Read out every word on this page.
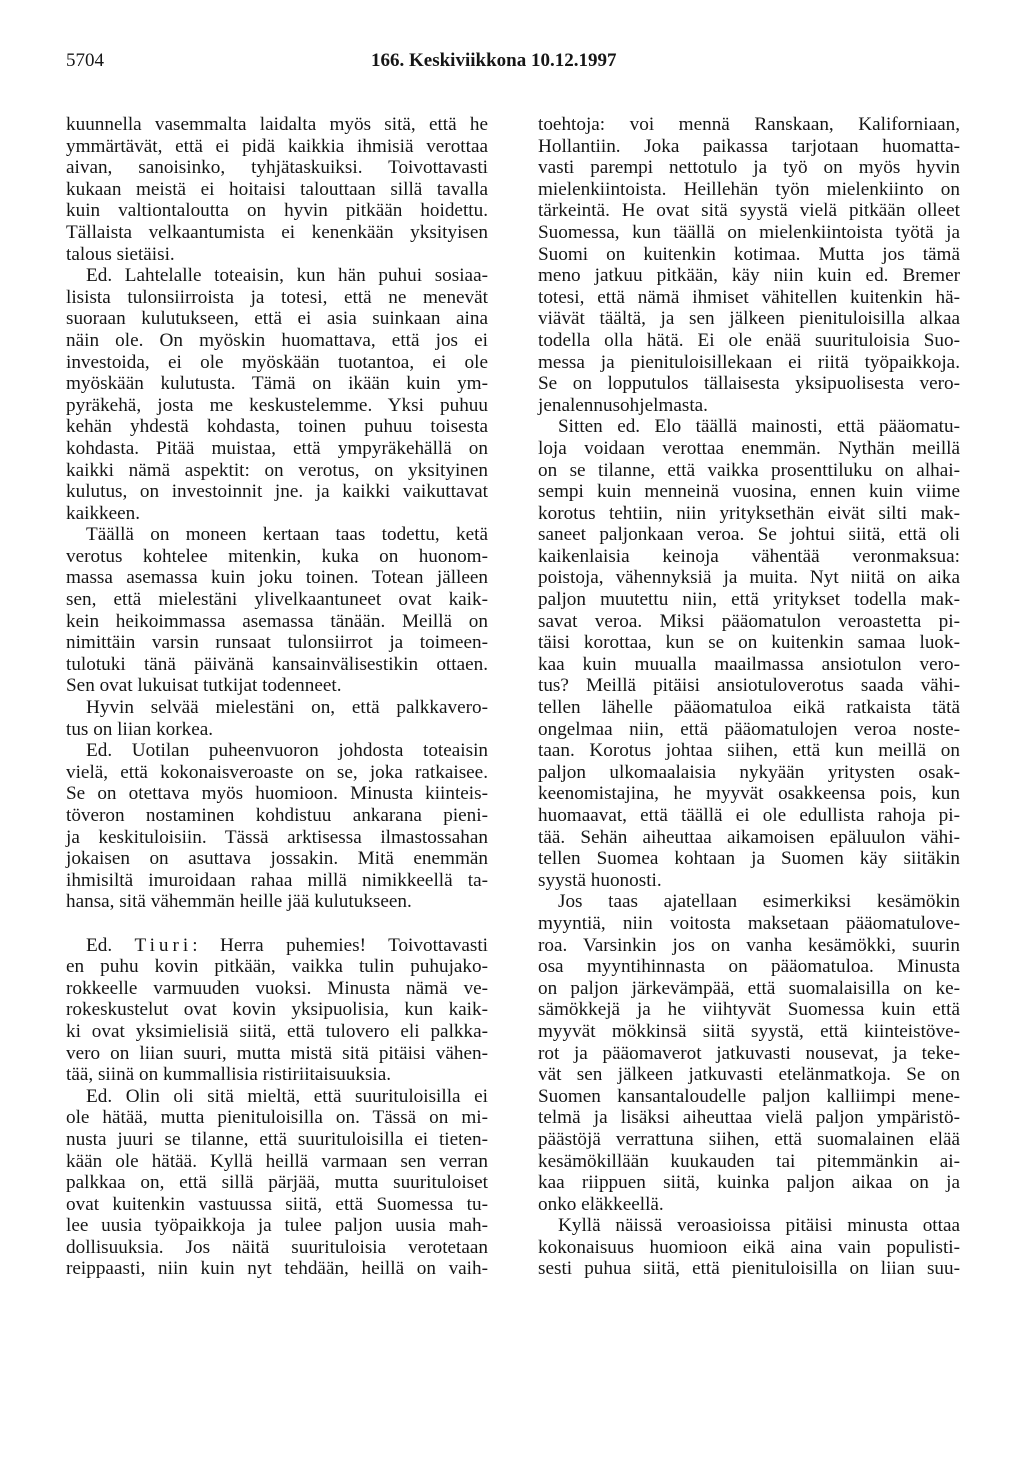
5704	166. Keskiviikkona 10.12.1997
kuunnella vasemmalta laidalta myös sitä, että he
ymmärtävät, että ei pidä kaikkia ihmisiä verottaa
aivan, sanoisinko, tyhjätaskuiksi. Toivottavasti
kukaan meistä ei hoitaisi talouttaan sillä tavalla
kuin valtiontaloutta on hyvin pitkään hoidettu.
Tällaista velkaantumista ei kenenkään yksityisen
talous sietäisi.
Ed. Lahtelalle toteaisin, kun hän puhui sosiaa-
lisista tulonsiirroista ja totesi, että ne menevät
suoraan kulutukseen, että ei asia suinkaan aina
näin ole. On myöskin huomattava, että jos ei
investoida, ei ole myöskään tuotantoa, ei ole
myöskään kulutusta. Tämä on ikään kuin ym-
pyräkehä, josta me keskustelemme. Yksi puhuu
kehän yhdestä kohdasta, toinen puhuu toisesta
kohdasta. Pitää muistaa, että ympyräkehällä on
kaikki nämä aspektit: on verotus, on yksityinen
kulutus, on investoinnit jne. ja kaikki vaikuttavat
kaikkeen.
Täällä on moneen kertaan taas todettu, ketä
verotus kohtelee mitenkin, kuka on huonom-
massa asemassa kuin joku toinen. Totean jälleen
sen, että mielestäni ylivelkaantuneet ovat kaik-
kein heikoimmassa asemassa tänään. Meillä on
nimittäin varsin runsaat tulonsiirrot ja toimeen-
tulotuki tänä päivänä kansainvälisestikin ottaen.
Sen ovat lukuisat tutkijat todenneet.
Hyvin selvää mielestäni on, että palkkavero-
tus on liian korkea.
Ed. Uotilan puheenvuoron johdosta toteaisin
vielä, että kokonaisveroaste on se, joka ratkaisee.
Se on otettava myös huomioon. Minusta kiinteis-
töveron nostaminen kohdistuu ankarana pieni-
ja keskituloisiin. Tässä arktisessa ilmastossahan
jokaisen on asuttava jossakin. Mitä enemmän
ihmisiltä imuroidaan rahaa millä nimikkeellä ta-
hansa, sitä vähemmän heille jää kulutukseen.
Ed. Tiuri: Herra puhemies! Toivottavasti
en puhu kovin pitkään, vaikka tulin puhujako-
rokkeelle varmuuden vuoksi. Minusta nämä ve-
rokeskustelut ovat kovin yksipuolisia, kun kaik-
ki ovat yksimielisiä siitä, että tulovero eli palkka-
vero on liian suuri, mutta mistä sitä pitäisi vähen-
tää, siinä on kummallisia ristiriitaisuuksia.
Ed. Olin oli sitä mieltä, että suurituloisilla ei
ole hätää, mutta pienituloisilla on. Tässä on mi-
nusta juuri se tilanne, että suurituloisilla ei tieten-
kään ole hätää. Kyllä heillä varmaan sen verran
palkkaa on, että sillä pärjää, mutta suurituloiset
ovat kuitenkin vastuussa siitä, että Suomessa tu-
lee uusia työpaikkoja ja tulee paljon uusia mah-
dollisuuksia. Jos näitä suurituloisia verotetaan
reippaasti, niin kuin nyt tehdään, heillä on vaih-
toehtoja: voi mennä Ranskaan, Kaliforniaan,
Hollantiin. Joka paikassa tarjotaan huomatta-
vasti parempi nettotulo ja työ on myös hyvin
mielenkiintoista. Heillehän työn mielenkiinto on
tärkeintä. He ovat sitä syystä vielä pitkään olleet
Suomessa, kun täällä on mielenkiintoista työtä ja
Suomi on kuitenkin kotimaa. Mutta jos tämä
meno jatkuu pitkään, käy niin kuin ed. Bremer
totesi, että nämä ihmiset vähitellen kuitenkin hä-
viävät täältä, ja sen jälkeen pienituloisilla alkaa
todella olla hätä. Ei ole enää suurituloisia Suo-
messa ja pienituloisillekaan ei riitä työpaikkoja.
Se on lopputulos tällaisesta yksipuolisesta vero-
jenalennusohjelmasta.
Sitten ed. Elo täällä mainosti, että pääomatu-
loja voidaan verottaa enemmän. Nythän meillä
on se tilanne, että vaikka prosenttiluku on alhai-
sempi kuin menneinä vuosina, ennen kuin viime
korotus tehtiin, niin yrityksethän eivät silti mak-
saneet paljonkaan veroa. Se johtui siitä, että oli
kaikenlaisia keinoja vähentää veronmaksua:
poistoja, vähennyksiä ja muita. Nyt niitä on aika
paljon muutettu niin, että yritykset todella mak-
savat veroa. Miksi pääomatulon veroastetta pi-
täisi korottaa, kun se on kuitenkin samaa luok-
kaa kuin muualla maailmassa ansiotulon vero-
tus? Meillä pitäisi ansiotuloverotus saada vähi-
tellen lähelle pääomatuloa eikä ratkaista tätä
ongelmaa niin, että pääomatulojen veroa noste-
taan. Korotus johtaa siihen, että kun meillä on
paljon ulkomaalaisia nykyään yritysten osak-
keenomistajina, he myyvät osakkeensa pois, kun
huomaavat, että täällä ei ole edullista rahoja pi-
tää. Sehän aiheuttaa aikamoisen epäluulon vähi-
tellen Suomea kohtaan ja Suomen käy siitäkin
syystä huonosti.
Jos taas ajatellaan esimerkiksi kesämökin
myyntiä, niin voitosta maksetaan pääomatulove-
roa. Varsinkin jos on vanha kesämökki, suurin
osa myyntihinnasta on pääomatuloa. Minusta
on paljon järkevämpää, että suomalaisilla on ke-
sämökkejä ja he viihtyvät Suomessa kuin että
myyvät mökkinsä siitä syystä, että kiinteistöve-
rot ja pääomaverot jatkuvasti nousevat, ja teke-
vät sen jälkeen jatkuvasti etelänmatkoja. Se on
Suomen kansantaloudelle paljon kalliimpi mene-
telmä ja lisäksi aiheuttaa vielä paljon ympäristö-
päästöjä verrattuna siihen, että suomalainen elää
kesämökillään kuukauden tai pitemmänkin ai-
kaa riippuen siitä, kuinka paljon aikaa on ja
onko eläkkeellä.
Kyllä näissä veroasioissa pitäisi minusta ottaa
kokonaisuus huomioon eikä aina vain populisti-
sesti puhua siitä, että pienituloisilla on liian suu-
